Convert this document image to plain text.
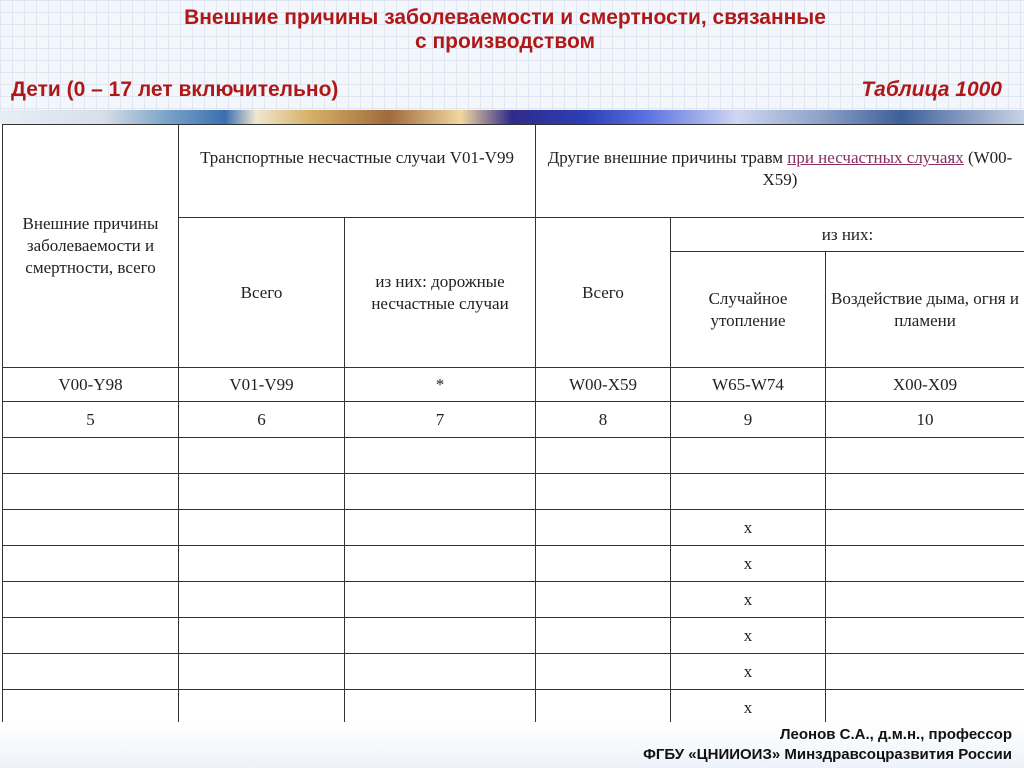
Внешние причины заболеваемости и смертности, связанные
с производством
Дети (0 – 17 лет включительно)	Таблица 1000
Внешние причины заболеваемости и смертности, всего	Транспортные несчастные случаи V01-V99		Другие внешние причины травм при несчастных случаях (W00-X59)		
	Всего	из них: дорожные несчастные случаи	Всего	из них:	
				Случайное утопление	Воздействие дыма, огня и пламени
V00-Y98	V01-V99	*	W00-X59	W65-W74	X00-X09
5	6	7	8	9	10

				x	
				x	
				x	
				x	
				x	
				x	
Леонов С.А., д.м.н., профессор
ФГБУ «ЦНИИОИЗ» Минздравсоцразвития России
